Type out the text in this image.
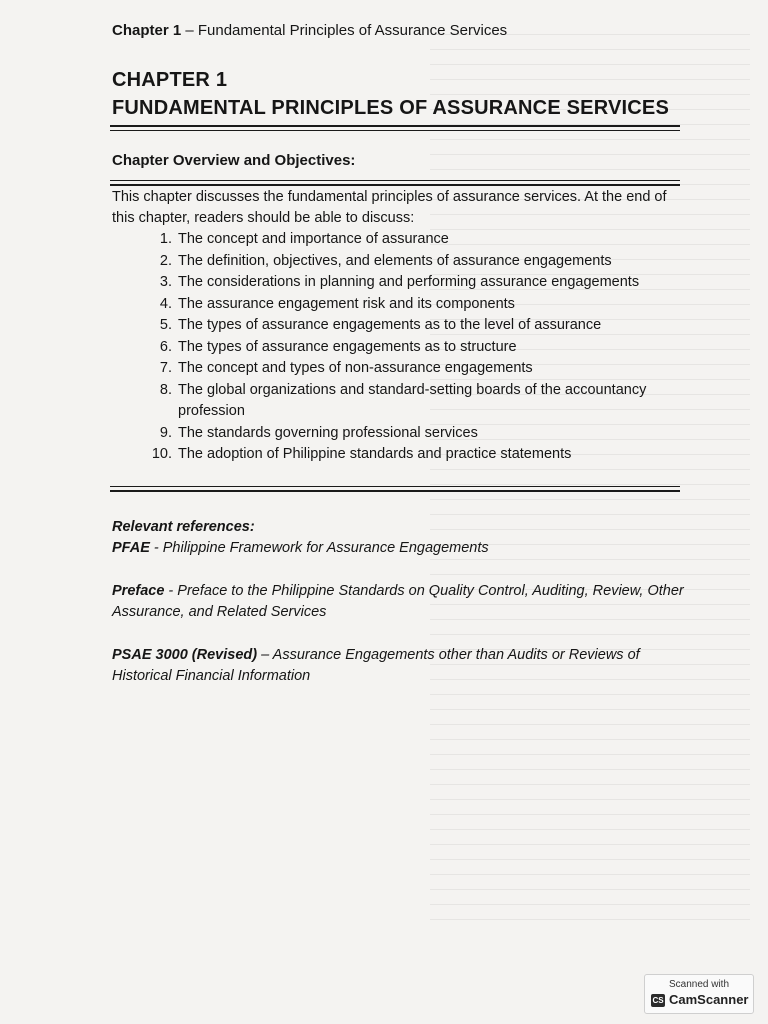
Chapter 1 – Fundamental Principles of Assurance Services
CHAPTER 1
FUNDAMENTAL PRINCIPLES OF ASSURANCE SERVICES
Chapter Overview and Objectives:
This chapter discusses the fundamental principles of assurance services. At the end of this chapter, readers should be able to discuss:
1. The concept and importance of assurance
2. The definition, objectives, and elements of assurance engagements
3. The considerations in planning and performing assurance engagements
4. The assurance engagement risk and its components
5. The types of assurance engagements as to the level of assurance
6. The types of assurance engagements as to structure
7. The concept and types of non-assurance engagements
8. The global organizations and standard-setting boards of the accountancy profession
9. The standards governing professional services
10. The adoption of Philippine standards and practice statements

Relevant references:

PFAE - Philippine Framework for Assurance Engagements

Preface - Preface to the Philippine Standards on Quality Control, Auditing, Review, Other Assurance, and Related Services

PSAE 3000 (Revised) – Assurance Engagements other than Audits or Reviews of Historical Financial Information

Scanned with
CS CamScanner
